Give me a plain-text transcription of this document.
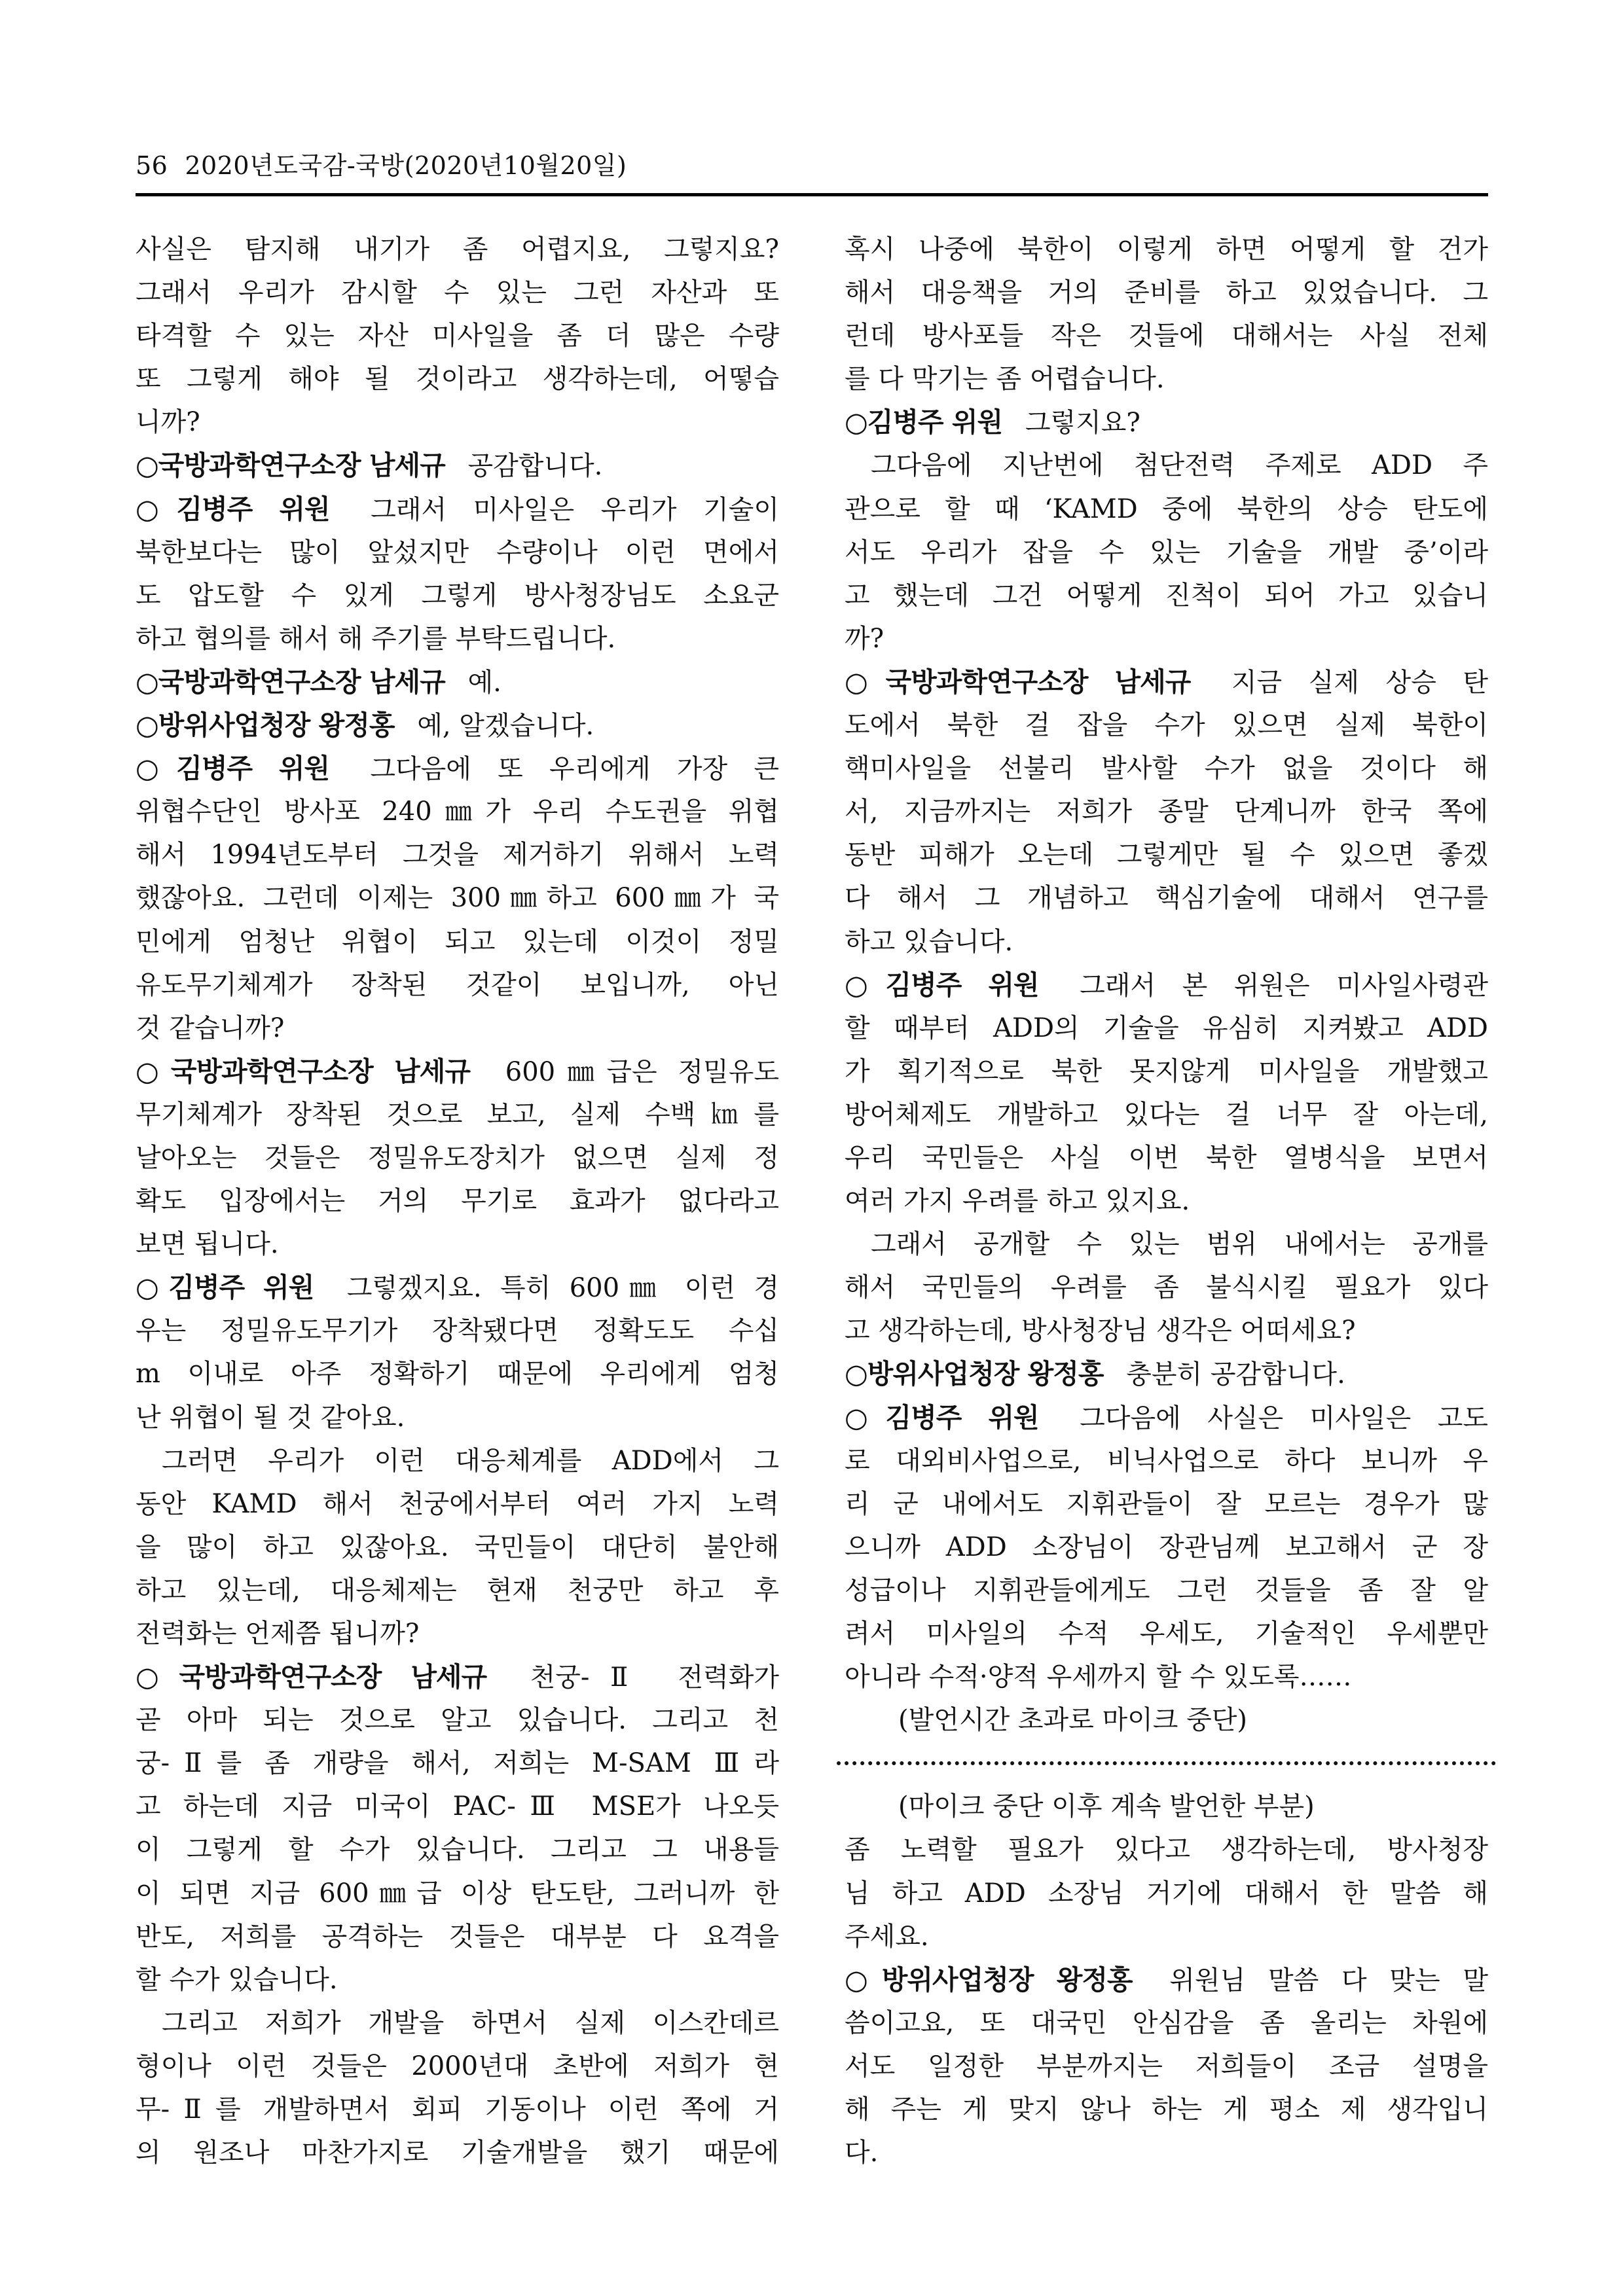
56 2020년도국감-국방(2020년10월20일)
사실은 탐지해 내기가 좀 어렵지요, 그렇지요?
그래서 우리가 감시할 수 있는 그런 자산과 또
타격할 수 있는 자산 미사일을 좀 더 많은 수량
또 그렇게 해야 될 것이라고 생각하는데, 어떻습
니까?
○국방과학연구소장 남세규 공감합니다.
○김병주 위원 그래서 미사일은 우리가 기술이
북한보다는 많이 앞섰지만 수량이나 이런 면에서
도 압도할 수 있게 그렇게 방사청장님도 소요군
하고 협의를 해서 해 주기를 부탁드립니다.
○국방과학연구소장 남세규 예.
○방위사업청장 왕정홍 예, 알겠습니다.
○김병주 위원 그다음에 또 우리에게 가장 큰
위협수단인 방사포 240㎜가 우리 수도권을 위협
해서 1994년도부터 그것을 제거하기 위해서 노력
했잖아요. 그런데 이제는 300㎜하고 600㎜가 국
민에게 엄청난 위협이 되고 있는데 이것이 정밀
유도무기체계가 장착된 것같이 보입니까, 아닌
것 같습니까?
○국방과학연구소장 남세규 600㎜급은 정밀유도
무기체계가 장착된 것으로 보고, 실제 수백㎞를
날아오는 것들은 정밀유도장치가 없으면 실제 정
확도 입장에서는 거의 무기로 효과가 없다라고
보면 됩니다.
○김병주 위원 그렇겠지요. 특히 600㎜ 이런 경
우는 정밀유도무기가 장착됐다면 정확도도 수십
m 이내로 아주 정확하기 때문에 우리에게 엄청
난 위협이 될 것 같아요.
그러면 우리가 이런 대응체계를 ADD에서 그
동안 KAMD 해서 천궁에서부터 여러 가지 노력
을 많이 하고 있잖아요. 국민들이 대단히 불안해
하고 있는데, 대응체제는 현재 천궁만 하고 후
전력화는 언제쯤 됩니까?
○국방과학연구소장 남세규 천궁-Ⅱ 전력화가
곧 아마 되는 것으로 알고 있습니다. 그리고 천
궁-Ⅱ를 좀 개량을 해서, 저희는 M-SAM Ⅲ라
고 하는데 지금 미국이 PAC-Ⅲ MSE가 나오듯
이 그렇게 할 수가 있습니다. 그리고 그 내용들
이 되면 지금 600㎜급 이상 탄도탄, 그러니까 한
반도, 저희를 공격하는 것들은 대부분 다 요격을
할 수가 있습니다.
그리고 저희가 개발을 하면서 실제 이스칸데르
형이나 이런 것들은 2000년대 초반에 저희가 현
무-Ⅱ를 개발하면서 회피 기동이나 이런 쪽에 거
의 원조나 마찬가지로 기술개발을 했기 때문에
혹시 나중에 북한이 이렇게 하면 어떻게 할 건가
해서 대응책을 거의 준비를 하고 있었습니다. 그
런데 방사포들 작은 것들에 대해서는 사실 전체
를 다 막기는 좀 어렵습니다.
○김병주 위원 그렇지요?
그다음에 지난번에 첨단전력 주제로 ADD 주
관으로 할 때 ‘KAMD 중에 북한의 상승 탄도에
서도 우리가 잡을 수 있는 기술을 개발 중’이라
고 했는데 그건 어떻게 진척이 되어 가고 있습니
까?
○국방과학연구소장 남세규 지금 실제 상승 탄
도에서 북한 걸 잡을 수가 있으면 실제 북한이
핵미사일을 선불리 발사할 수가 없을 것이다 해
서, 지금까지는 저희가 종말 단계니까 한국 쪽에
동반 피해가 오는데 그렇게만 될 수 있으면 좋겠
다 해서 그 개념하고 핵심기술에 대해서 연구를
하고 있습니다.
○김병주 위원 그래서 본 위원은 미사일사령관
할 때부터 ADD의 기술을 유심히 지켜봤고 ADD
가 획기적으로 북한 못지않게 미사일을 개발했고
방어체제도 개발하고 있다는 걸 너무 잘 아는데,
우리 국민들은 사실 이번 북한 열병식을 보면서
여러 가지 우려를 하고 있지요.
그래서 공개할 수 있는 범위 내에서는 공개를
해서 국민들의 우려를 좀 불식시킬 필요가 있다
고 생각하는데, 방사청장님 생각은 어떠세요?
○방위사업청장 왕정홍 충분히 공감합니다.
○김병주 위원 그다음에 사실은 미사일은 고도
로 대외비사업으로, 비닉사업으로 하다 보니까 우
리 군 내에서도 지휘관들이 잘 모르는 경우가 많
으니까 ADD 소장님이 장관님께 보고해서 군 장
성급이나 지휘관들에게도 그런 것들을 좀 잘 알
려서 미사일의 수적 우세도, 기술적인 우세뿐만
아니라 수적·양적 우세까지 할 수 있도록……
(발언시간 초과로 마이크 중단)
(마이크 중단 이후 계속 발언한 부분)
좀 노력할 필요가 있다고 생각하는데, 방사청장
님 하고 ADD 소장님 거기에 대해서 한 말씀 해
주세요.
○방위사업청장 왕정홍 위원님 말씀 다 맞는 말
씀이고요, 또 대국민 안심감을 좀 올리는 차원에
서도 일정한 부분까지는 저희들이 조금 설명을
해 주는 게 맞지 않나 하는 게 평소 제 생각입니
다.
